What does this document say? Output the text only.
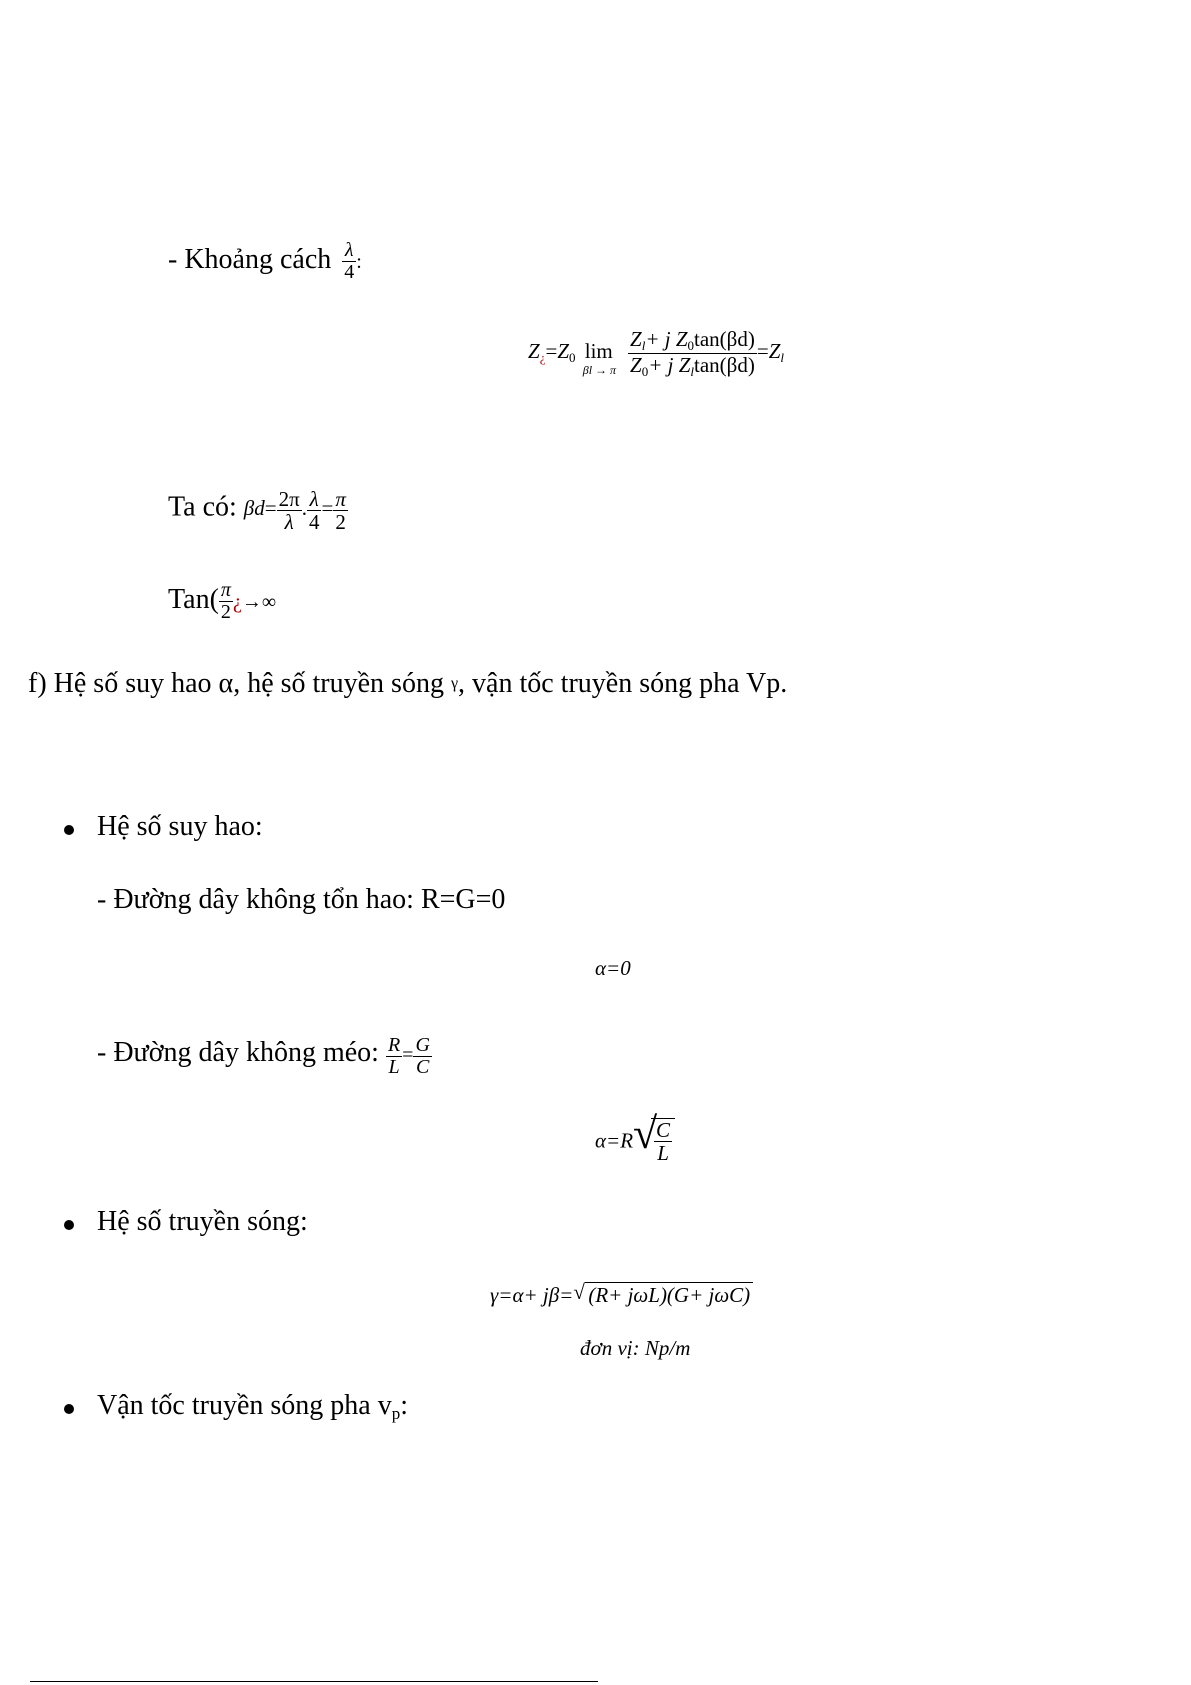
- Khoảng cách $\frac{\lambda}{4}$ :
$Z_¿=Z_0$ lim
βl → π
$\frac{Z_l+ j Z_0\tan(\beta d)}{Z_0+ j Z_l\tan(\beta d)} =Z_l$
Ta có: $\beta d= \frac{2\pi}{\lambda}$ . $\frac{\lambda}{4} = \frac{\pi}{2}$
$Tan( \frac{\pi}{2}$ ¿→∞
f) Hệ số suy hao α, hệ số truyền sóng γ, vận tốc truyền sóng pha Vp.
Hệ số suy hao:
- Đường dây không tổn hao: R=G=0
α=0
- Đường dây không méo: $\frac{R}{L} = \frac{G}{C}$
α=R √
$\frac{C}{L}$
Hệ số truyền sóng:
γ=α+ jβ= √ (R+ jωL)(G+ jωC)
đơn vị: Np/m
Vận tốc truyền sóng pha vp:
